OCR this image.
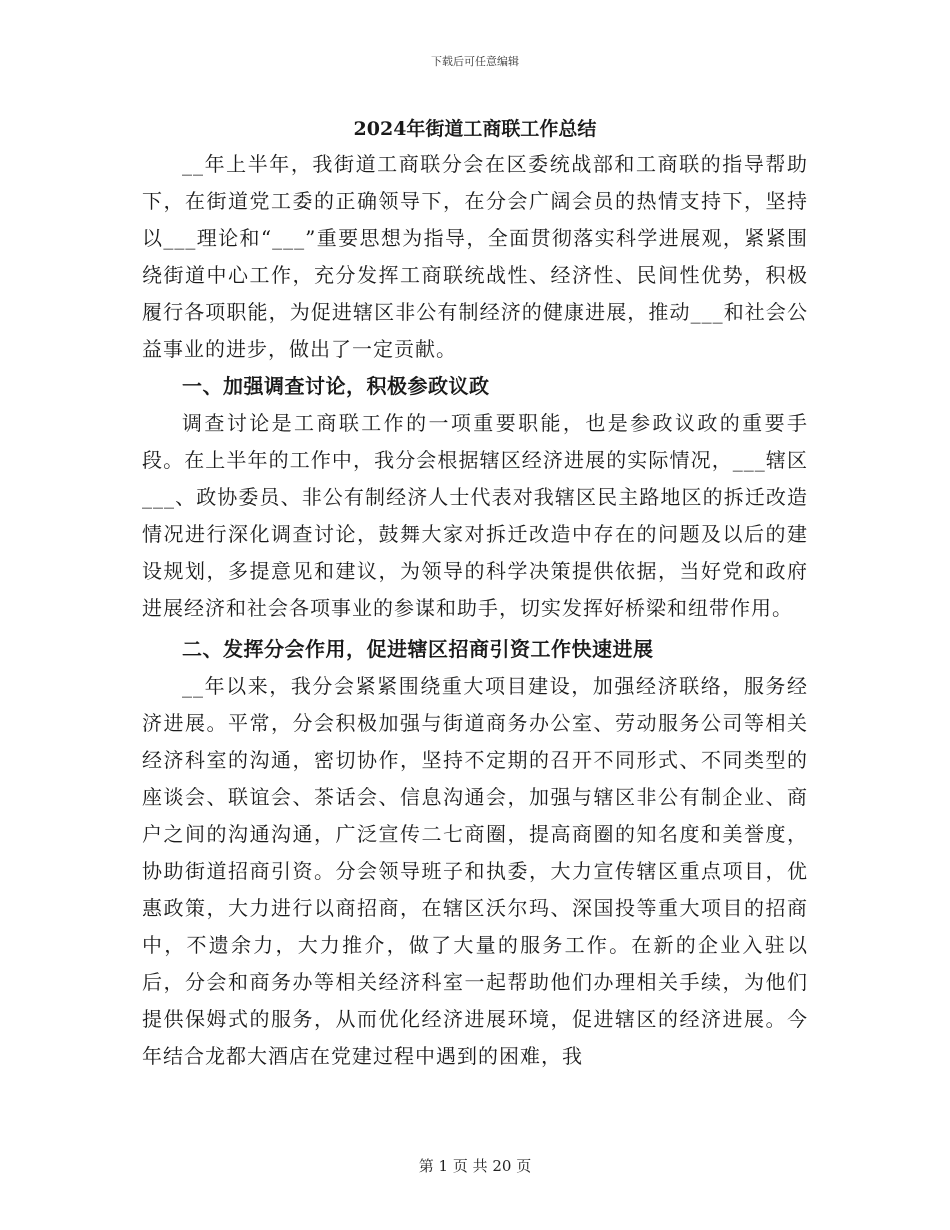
下载后可任意编辑
2024年街道工商联工作总结

__年上半年，我街道工商联分会在区委统战部和工商联的指导帮助下，在街道党工委的正确领导下，在分会广阔会员的热情支持下，坚持以___理论和“___”重要思想为指导，全面贯彻落实科学进展观，紧紧围绕街道中心工作，充分发挥工商联统战性、经济性、民间性优势，积极履行各项职能，为促进辖区非公有制经济的健康进展，推动___和社会公益事业的进步，做出了一定贡献。

一、加强调查讨论，积极参政议政

调查讨论是工商联工作的一项重要职能，也是参政议政的重要手段。在上半年的工作中，我分会根据辖区经济进展的实际情况，___辖区___、政协委员、非公有制经济人士代表对我辖区民主路地区的拆迁改造情况进行深化调查讨论，鼓舞大家对拆迁改造中存在的问题及以后的建设规划，多提意见和建议，为领导的科学决策提供依据，当好党和政府进展经济和社会各项事业的参谋和助手，切实发挥好桥梁和纽带作用。

二、发挥分会作用，促进辖区招商引资工作快速进展

__年以来，我分会紧紧围绕重大项目建设，加强经济联络，服务经济进展。平常，分会积极加强与街道商务办公室、劳动服务公司等相关经济科室的沟通，密切协作，坚持不定期的召开不同形式、不同类型的座谈会、联谊会、茶话会、信息沟通会，加强与辖区非公有制企业、商户之间的沟通沟通，广泛宣传二七商圈，提高商圈的知名度和美誉度，协助街道招商引资。分会领导班子和执委，大力宣传辖区重点项目，优惠政策，大力进行以商招商，在辖区沃尔玛、深国投等重大项目的招商中，不遗余力，大力推介，做了大量的服务工作。在新的企业入驻以后，分会和商务办等相关经济科室一起帮助他们办理相关手续，为他们提供保姆式的服务，从而优化经济进展环境，促进辖区的经济进展。今年结合龙都大酒店在党建过程中遇到的困难，我

第 1 页 共 20 页
